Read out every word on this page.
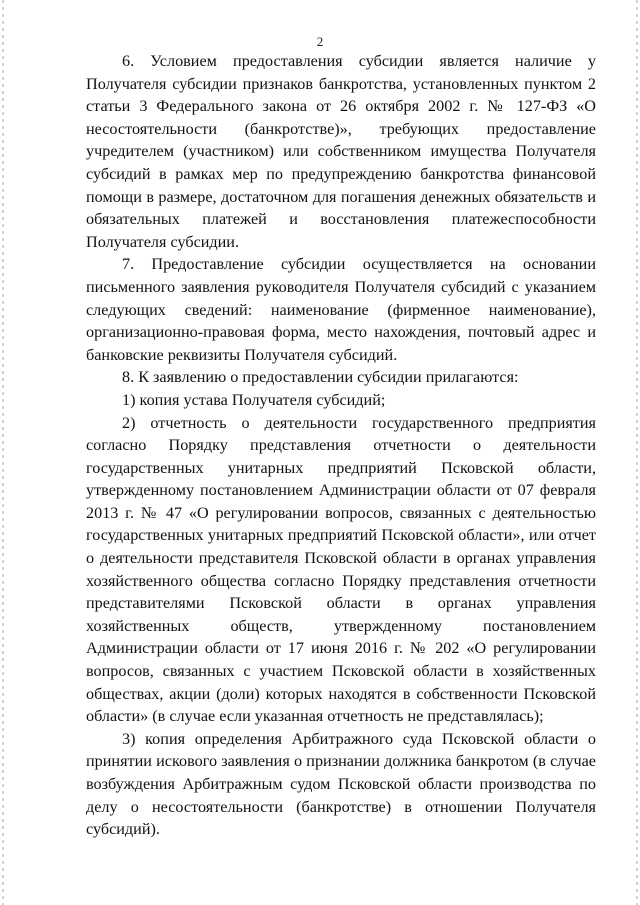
2

6. Условием предоставления субсидии является наличие у Получателя субсидии признаков банкротства, установленных пунктом 2 статьи 3 Федерального закона от 26 октября 2002 г. № 127-ФЗ «О несостоятельности (банкротстве)», требующих предоставление учредителем (участником) или собственником имущества Получателя субсидий в рамках мер по предупреждению банкротства финансовой помощи в размере, достаточном для погашения денежных обязательств и обязательных платежей и восстановления платежеспособности Получателя субсидии.

7. Предоставление субсидии осуществляется на основании письменного заявления руководителя Получателя субсидий с указанием следующих сведений: наименование (фирменное наименование), организационно-правовая форма, место нахождения, почтовый адрес и банковские реквизиты Получателя субсидий.

8. К заявлению о предоставлении субсидии прилагаются:

1) копия устава Получателя субсидий;

2) отчетность о деятельности государственного предприятия согласно Порядку представления отчетности о деятельности государственных унитарных предприятий Псковской области, утвержденному постановлением Администрации области от 07 февраля 2013 г. № 47 «О регулировании вопросов, связанных с деятельностью государственных унитарных предприятий Псковской области», или отчет о деятельности представителя Псковской области в органах управления хозяйственного общества согласно Порядку представления отчетности представителями Псковской области в органах управления хозяйственных обществ, утвержденному постановлением Администрации области от 17 июня 2016 г. № 202 «О регулировании вопросов, связанных с участием Псковской области в хозяйственных обществах, акции (доли) которых находятся в собственности Псковской области» (в случае если указанная отчетность не представлялась);

3) копия определения Арбитражного суда Псковской области о принятии искового заявления о признании должника банкротом (в случае возбуждения Арбитражным судом Псковской области производства по делу о несостоятельности (банкротстве) в отношении Получателя субсидий).
